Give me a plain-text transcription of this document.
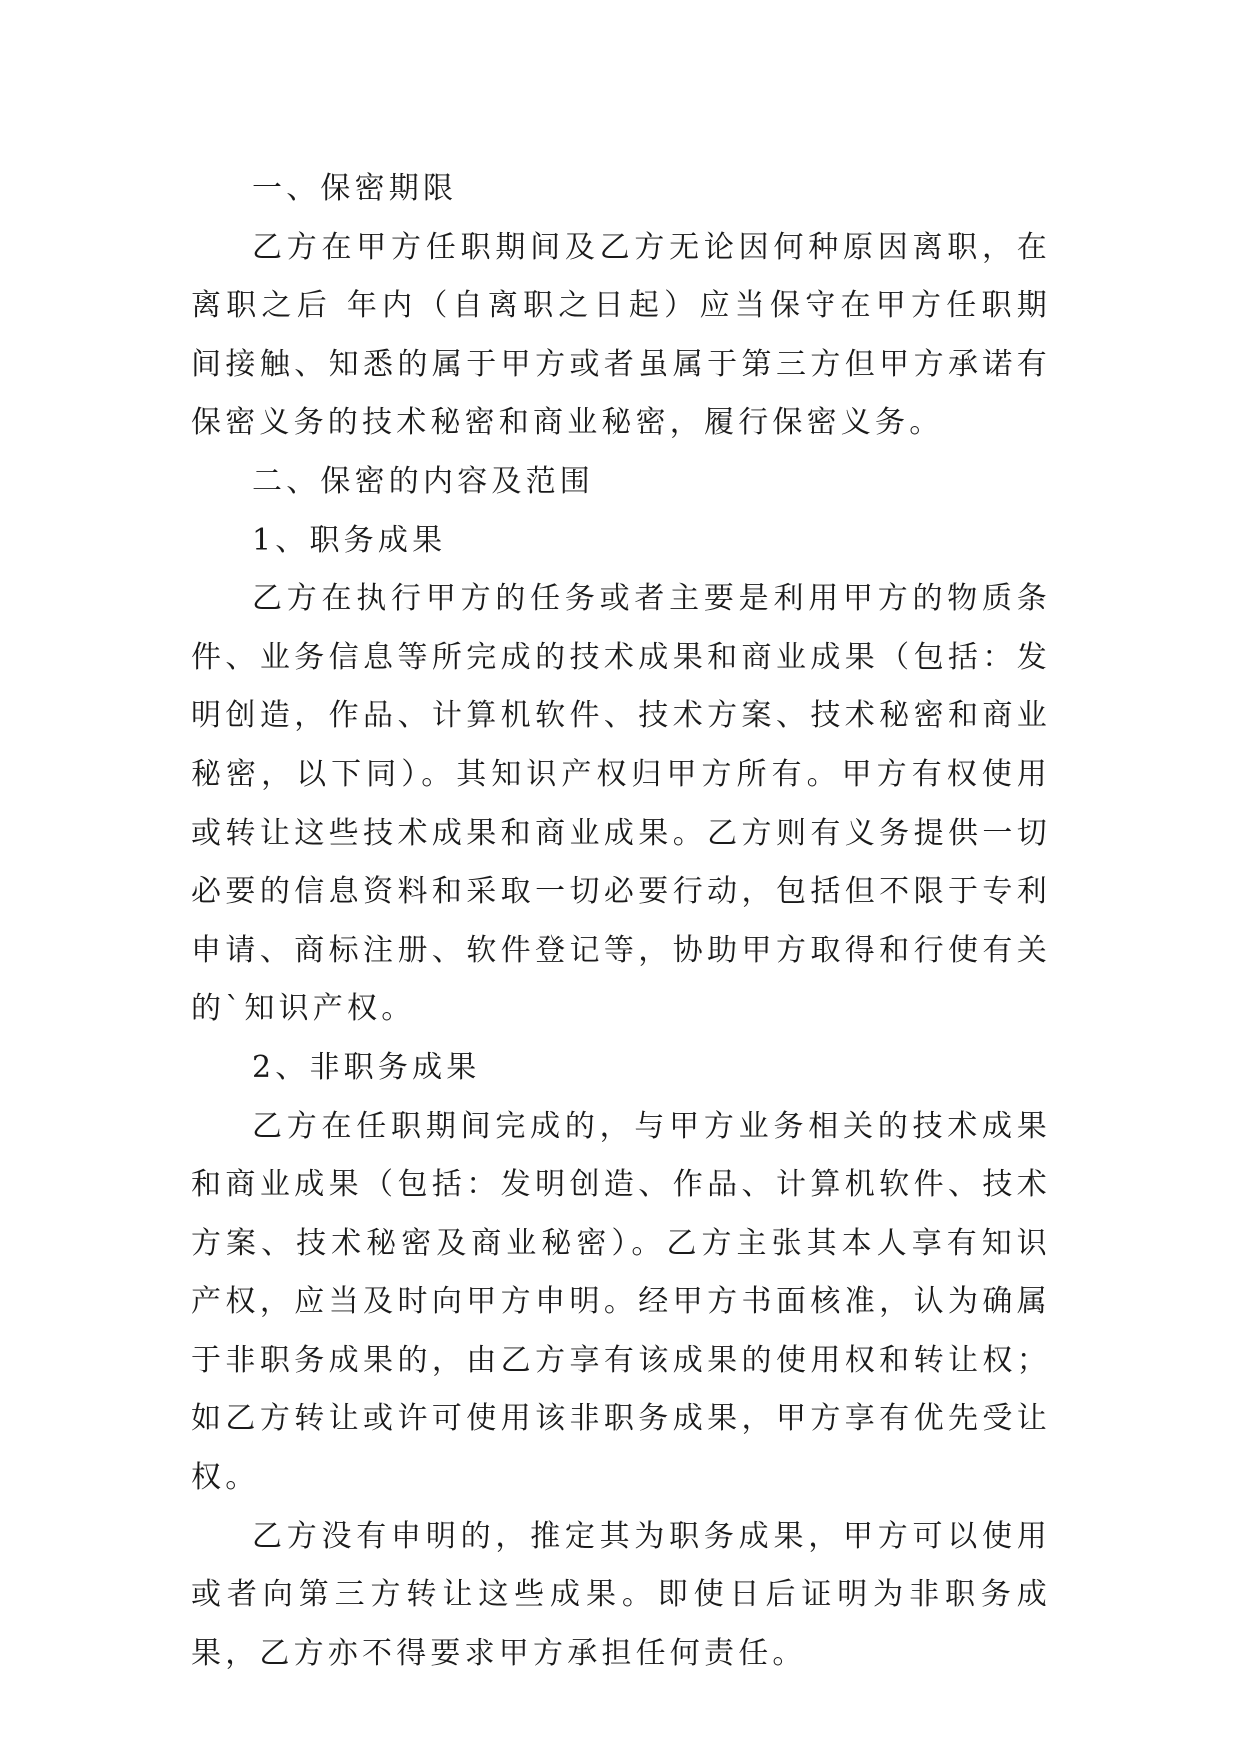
一、保密期限

乙方在甲方任职期间及乙方无论因何种原因离职，在离职之后 年内（自离职之日起）应当保守在甲方任职期间接触、知悉的属于甲方或者虽属于第三方但甲方承诺有保密义务的技术秘密和商业秘密，履行保密义务。

二、保密的内容及范围

1、职务成果

乙方在执行甲方的任务或者主要是利用甲方的物质条件、业务信息等所完成的技术成果和商业成果（包括：发明创造，作品、计算机软件、技术方案、技术秘密和商业秘密，以下同）。其知识产权归甲方所有。甲方有权使用或转让这些技术成果和商业成果。乙方则有义务提供一切必要的信息资料和采取一切必要行动，包括但不限于专利申请、商标注册、软件登记等，协助甲方取得和行使有关的`知识产权。

2、非职务成果

乙方在任职期间完成的，与甲方业务相关的技术成果和商业成果（包括：发明创造、作品、计算机软件、技术方案、技术秘密及商业秘密）。乙方主张其本人享有知识产权，应当及时向甲方申明。经甲方书面核准，认为确属于非职务成果的，由乙方享有该成果的使用权和转让权；如乙方转让或许可使用该非职务成果，甲方享有优先受让权。

乙方没有申明的，推定其为职务成果，甲方可以使用或者向第三方转让这些成果。即使日后证明为非职务成果，乙方亦不得要求甲方承担任何责任。
